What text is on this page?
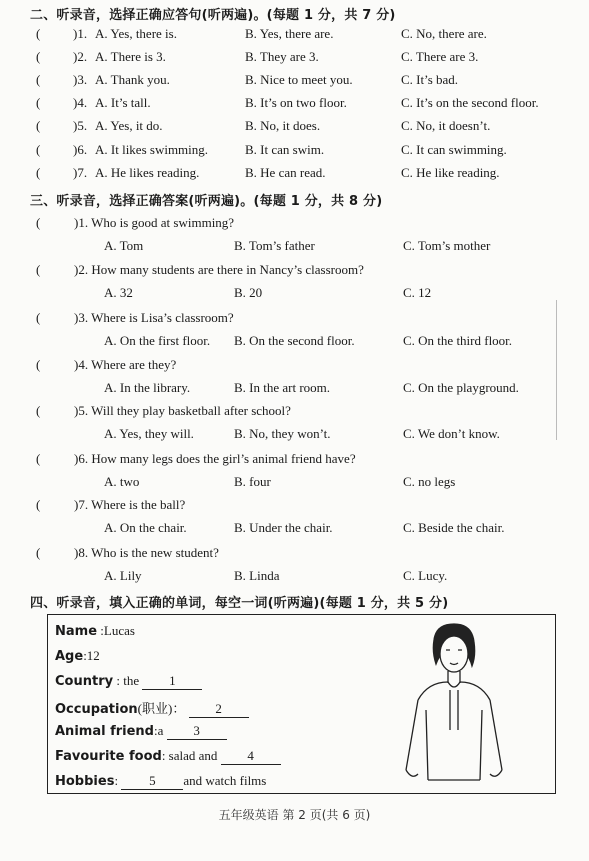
二、听录音，选择正确应答句(听两遍)。(每题 1 分，共 7 分)
(	)1. A. Yes, there is.	B. Yes, there are.	C. No, there are.
(	)2. A. There is 3.	B. They are 3.	C. There are 3.
(	)3. A. Thank you.	B. Nice to meet you.	C. It’s bad.
(	)4. A. It’s tall.	B. It’s on two floor.	C. It’s on the second floor.
(	)5. A. Yes, it do.	B. No, it does.	C. No, it doesn’t.
(	)6. A. It likes swimming.	B. It can swim.	C. It can swimming.
(	)7. A. He likes reading.	B. He can read.	C. He like reading.
三、听录音，选择正确答案(听两遍)。(每题 1 分，共 8 分)
(	)1. Who is good at swimming?
A. Tom	B. Tom’s father	C. Tom’s mother
(	)2. How many students are there in Nancy’s classroom?
A. 32	B. 20	C. 12
(	)3. Where is Lisa’s classroom?
A. On the first floor. B. On the second floor.	C. On the third floor.
(	)4. Where are they?
A. In the library.	B. In the art room.	C. On the playground.
(	)5. Will they play basketball after school?
A. Yes, they will.	B. No, they won’t.	C. We don’t know.
(	)6. How many legs does the girl’s animal friend have?
A. two	B. four	C. no legs
(	)7. Where is the ball?
A. On the chair.	B. Under the chair.	C. Beside the chair.
(	)8. Who is the new student?
A. Lily	B. Linda	C. Lucy.
四、听录音，填入正确的单词，每空一词(听两遍)(每题 1 分，共 5 分)
Name :Lucas
Age:12
Country : the 1
Occupation(职业)： 2
Animal friend:a 3
Favourite food: salad and 4
Hobbies: 5 and watch films
五年级英语 第 2 页(共 6 页)
